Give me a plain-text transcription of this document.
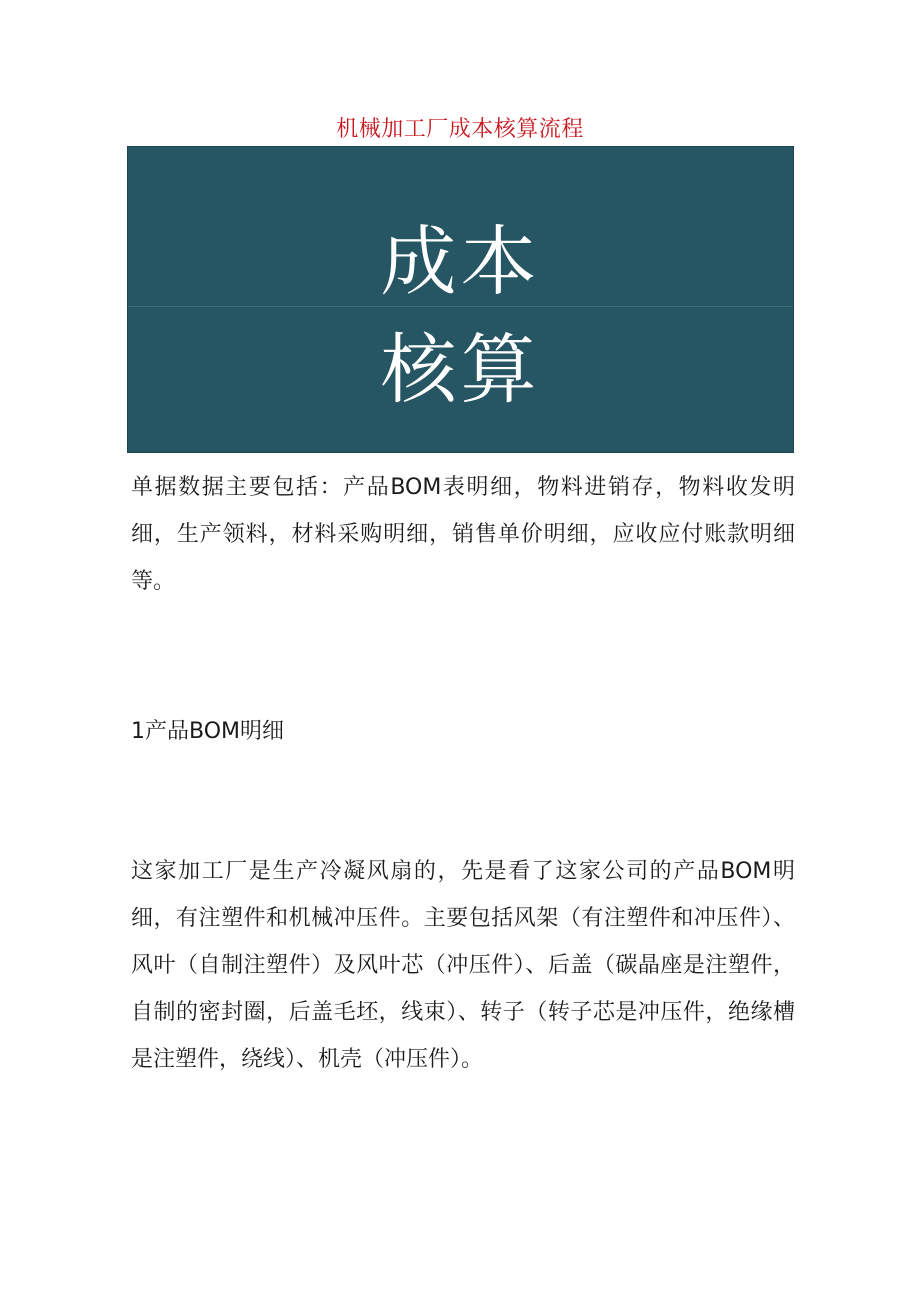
机械加工厂成本核算流程
成本
核算

单据数据主要包括：产品BOM表明细，物料进销存，物料收发明细，生产领料，材料采购明细，销售单价明细，应收应付账款明细等。

1产品BOM明细

这家加工厂是生产冷凝风扇的，先是看了这家公司的产品BOM明细，有注塑件和机械冲压件。主要包括风架（有注塑件和冲压件）、风叶（自制注塑件）及风叶芯（冲压件）、后盖（碳晶座是注塑件，自制的密封圈，后盖毛坯，线束）、转子（转子芯是冲压件，绝缘槽是注塑件，绕线）、机壳（冲压件）。
